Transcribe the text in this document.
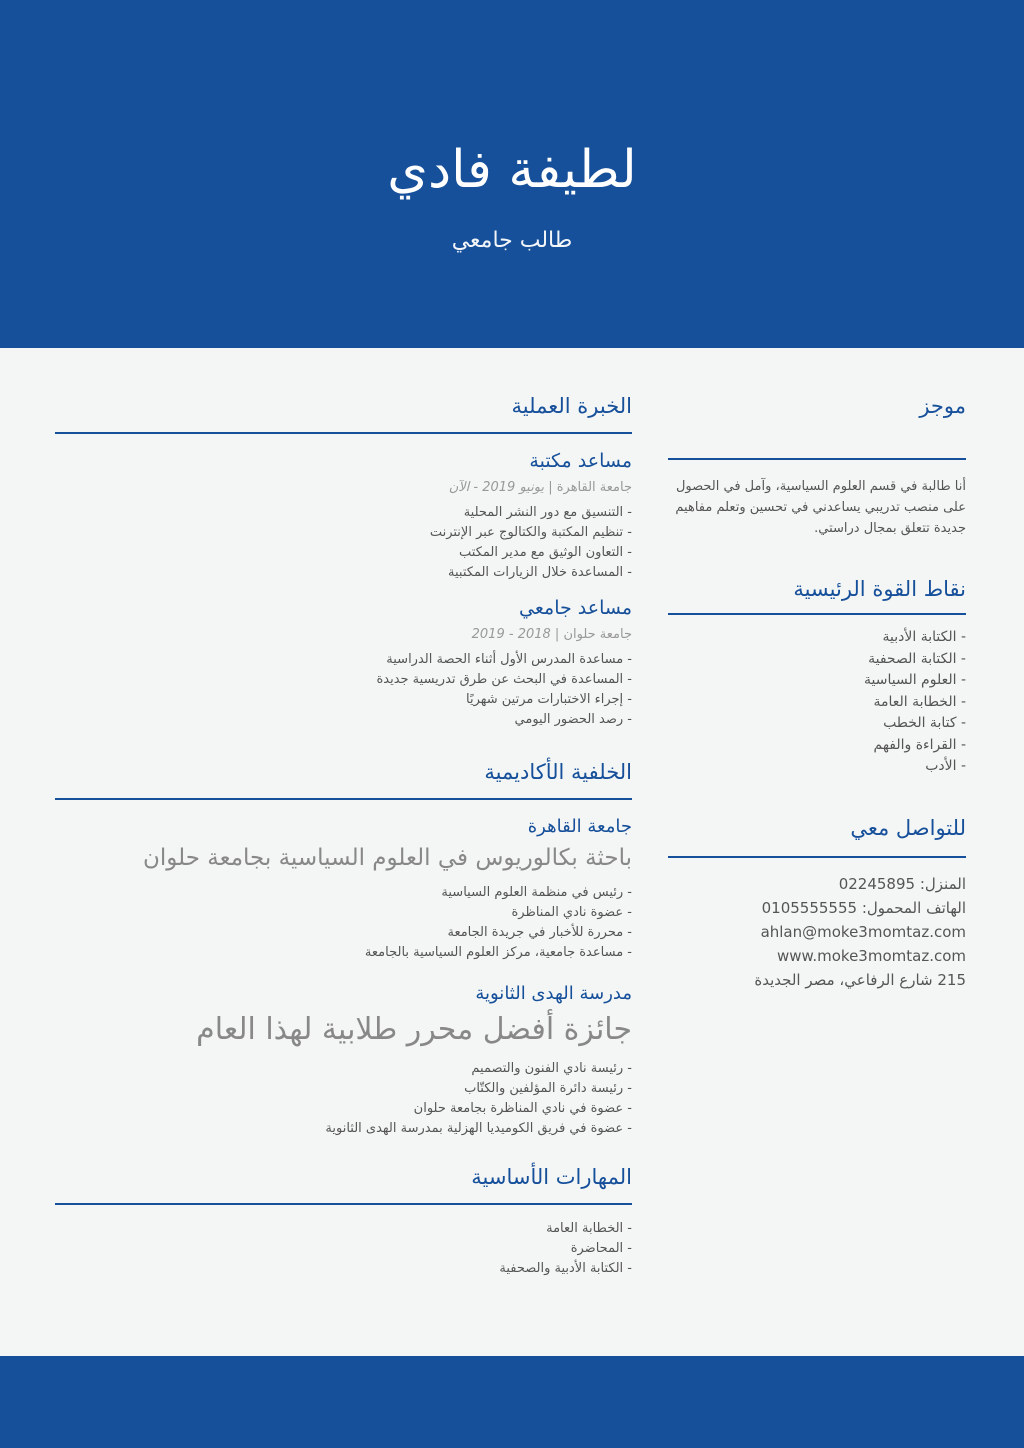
لطيفة فادي
طالب جامعي
موجز
أنا طالبة في قسم العلوم السياسية، وآمل في الحصول على منصب تدريبي يساعدني في تحسين وتعلم مفاهيم جديدة تتعلق بمجال دراستي.
نقاط القوة الرئيسية
- الكتابة الأدبية
- الكتابة الصحفية
- العلوم السياسية
- الخطابة العامة
- كتابة الخطب
- القراءة والفهم
- الأدب
للتواصل معي
المنزل: 02245895
الهاتف المحمول: 0105555555
ahlan@moke3momtaz.com
www.moke3momtaz.com
215 شارع الرفاعي، مصر الجديدة
الخبرة العملية
مساعد مكتبة
جامعة القاهرة | يونيو 2019 - الآن
- التنسيق مع دور النشر المحلية
- تنظيم المكتبة والكتالوج عبر الإنترنت
- التعاون الوثيق مع مدير المكتب
- المساعدة خلال الزيارات المكتبية
مساعد جامعي
جامعة حلوان | 2018 - 2019
- مساعدة المدرس الأول أثناء الحصة الدراسية
- المساعدة في البحث عن طرق تدريسية جديدة
- إجراء الاختبارات مرتين شهريًا
- رصد الحضور اليومي
الخلفية الأكاديمية
جامعة القاهرة
باحثة بكالوريوس في العلوم السياسية بجامعة حلوان
- رئيس في منظمة العلوم السياسية
- عضوة نادي المناظرة
- محررة للأخبار في جريدة الجامعة
- مساعدة جامعية، مركز العلوم السياسية بالجامعة
مدرسة الهدى الثانوية
جائزة أفضل محرر طلابية لهذا العام
- رئيسة نادي الفنون والتصميم
- رئيسة دائرة المؤلفين والكتّاب
- عضوة في نادي المناظرة بجامعة حلوان
- عضوة في فريق الكوميديا الهزلية بمدرسة الهدى الثانوية
المهارات الأساسية
- الخطابة العامة
- المحاضرة
- الكتابة الأدبية والصحفية
